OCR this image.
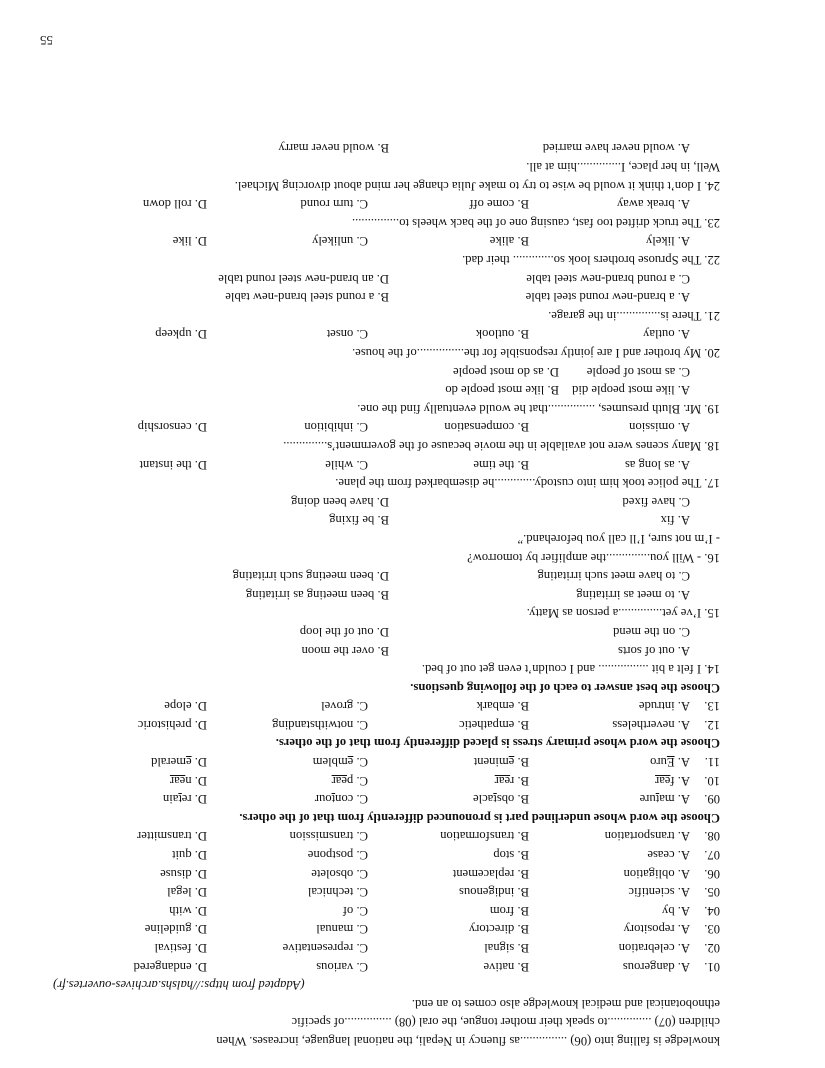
knowledge is falling into (06) ...............as fluency in Nepali, the national language, increases. When

children (07) ..............to speak their mother tongue, the oral (08) ...............of specific

ethnobotanical and medical knowledge also comes to an end.

(Adapted from https://halshs.archives-ouvertes.fr)
01.
A. dangerous
B. native
C. various
D. endangered
02.
A. celebration
B. signal
C. representative
D. festival
03.
A. repository
B. directory
C. manual
D. guideline
04.
A. by
B. from
C. of
D. with
05.
A. scientific
B. indigenous
C. technical
D. legal
06.
A. obligation
B. replacement
C. obsolete
D. disuse
07.
A. cease
B. stop
C. postpone
D. quit
08.
A. transportation
B. transformation
C. transmission
D. transmitter
Choose the word whose underlined part is pronounced differently from that of the others.
09.
A. mature
B. obstacle
C. contour
D. retain
10.
A. fear
B. rear
C. pear
D. near
11.
A. Euro
B. eminent
C. emblem
D. emerald
Choose the word whose primary stress is placed differently from that of the others.
12.
A. nevertheless
B. empathetic
C. notwithstanding
D. prehistoric
13.
A. intrude
B. embark
C. grovel
D. elope
Choose the best answer to each of the following questions.
14. I felt a bit ................ and I couldn’t even get out of bed.
A. out of sorts
B. over the moon
C. on the mend
D. out of the loop
15. I’ve yet..............a person as Matty.
A. to meet as irritating
B. been meeting as irritating
C. to have meet such irritating
D. been meeting such irritating
16. - Will you..............the amplifier by tomorrow?
- I’m not sure, I’ll call you beforehand.”
A. fix
B. be fixing
C. have fixed
D. have been doing
17. The police took him into custody.............he disembarked from the plane.
A. as long as
B. the time
C. while
D. the instant
18. Many scenes were not available in the movie because of the government’s..............
A. omission
B. compensation
C. inhibition
D. censorship
19. Mr. Bluth presumes, ...............that he would eventually find the one.
A. like most people did
B. like most people do
C. as most of people
D. as do most people
20. My brother and I are jointly responsible for the...............of the house.
A. outlay
B. outlook
C. onset
D. upkeep
21. There is..............in the garage.
A. a brand-new round steel table
B. a round steel brand-new table
C. a round brand-new steel table
D. an brand-new steel round table
22. The Spruose brothers look so............. their dad.
A. likely
B. alike
C. unlikely
D. like
23. The truck drifted too fast, causing one of the back wheels to...............
A. break away
B. come off
C. turn round
D. roll down
24. I don’t think it would be wise to try to make Julia change her mind about divorcing Michael.
Well, in her place, I..............him at all.
A. would never have married
B. would never marry
55
